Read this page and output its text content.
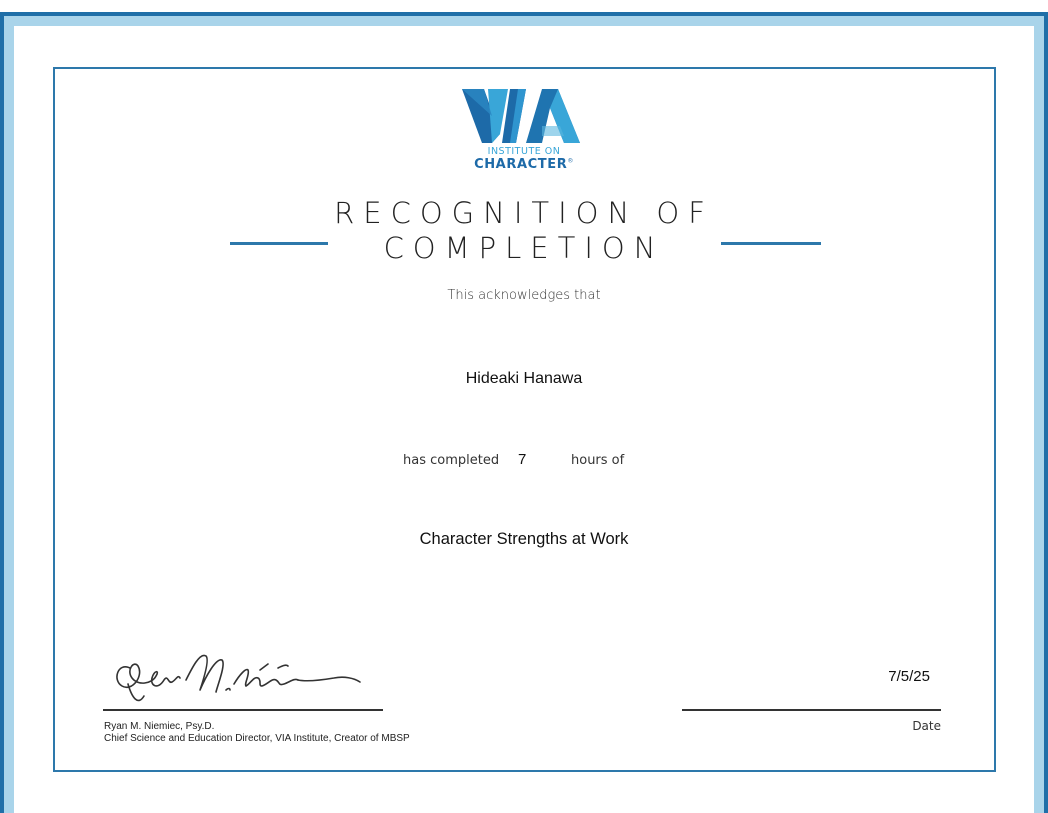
INSTITUTE ON
CHARACTER®
RECOGNITION OF
COMPLETION
This acknowledges that
Hideaki Hanawa
has completed 7	hours of
Character Strengths at Work
Ryan M. Niemiec, Psy.D.
Chief Science and Education Director, VIA Institute, Creator of MBSP
7/5/25
Date
